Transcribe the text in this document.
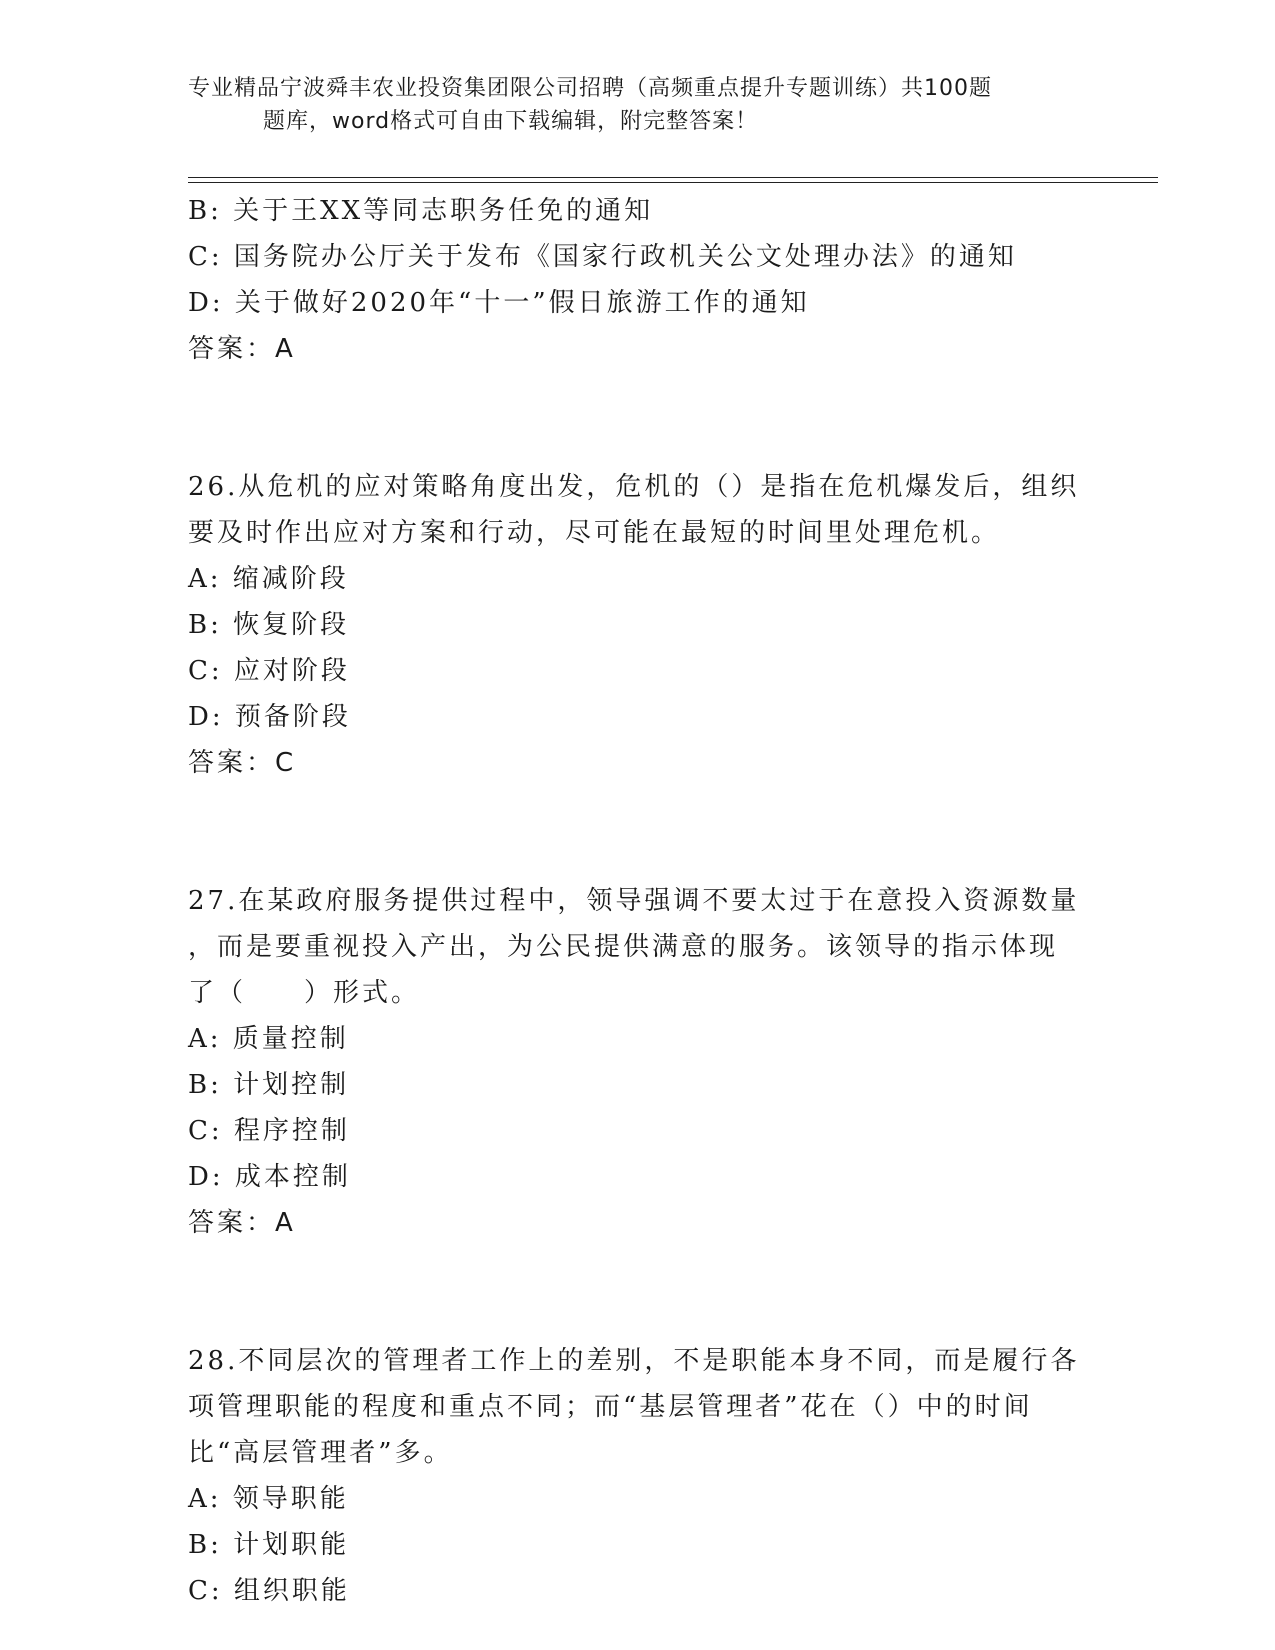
专业精品宁波舜丰农业投资集团限公司招聘（高频重点提升专题训练）共100题
题库，word格式可自由下载编辑，附完整答案！
B: 关于王XX等同志职务任免的通知
C: 国务院办公厅关于发布《国家行政机关公文处理办法》的通知
D: 关于做好2020年“十一”假日旅游工作的通知
答案：A
26.从危机的应对策略角度出发，危机的（）是指在危机爆发后，组织
要及时作出应对方案和行动，尽可能在最短的时间里处理危机。
A: 缩减阶段
B: 恢复阶段
C: 应对阶段
D: 预备阶段
答案：C
27.在某政府服务提供过程中，领导强调不要太过于在意投入资源数量
，而是要重视投入产出，为公民提供满意的服务。该领导的指示体现
了（　　）形式。
A: 质量控制
B: 计划控制
C: 程序控制
D: 成本控制
答案：A
28.不同层次的管理者工作上的差别，不是职能本身不同，而是履行各
项管理职能的程度和重点不同；而“基层管理者”花在（）中的时间
比“高层管理者”多。
A: 领导职能
B: 计划职能
C: 组织职能
